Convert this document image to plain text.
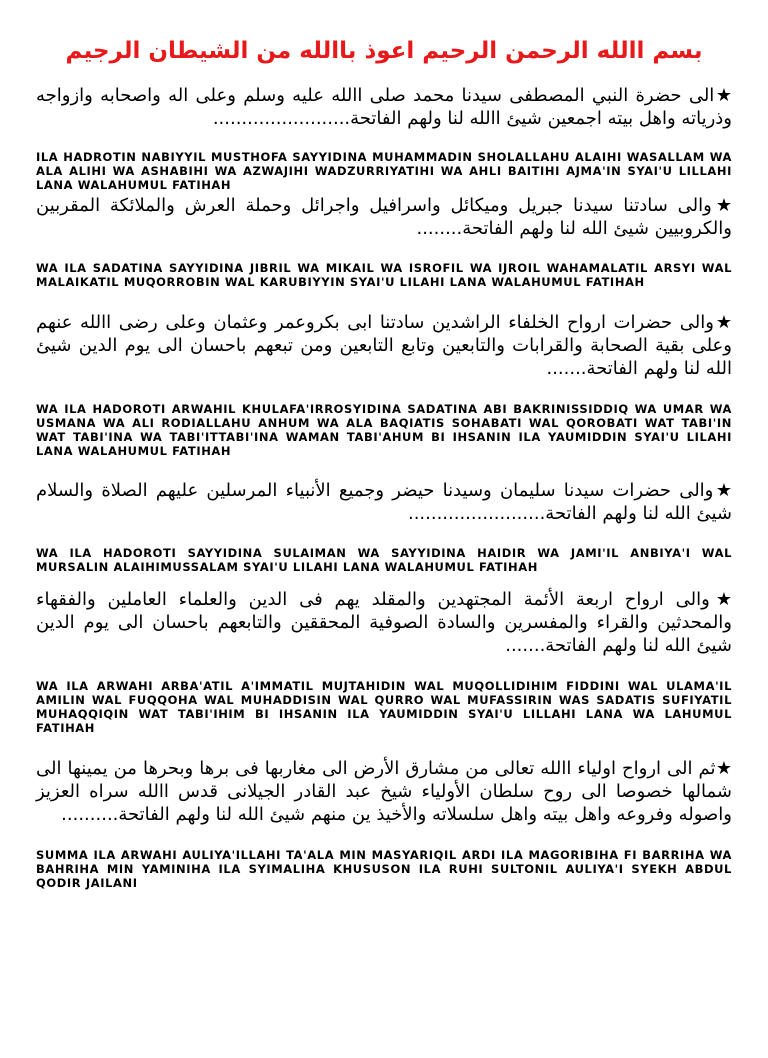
بسم االله الرحمن الرحيم اعوذ باالله من الشيطان الرجيم

★الى حضرة النبي المصطفى سيدنا محمد صلى االله عليه وسلم وعلى اله واصحابه وازواجه وذرياته واهل بيته اجمعين شيئ االله لنا ولهم الفاتحة........................

ILA HADROTIN NABIYYIL MUSTHOFA SAYYIDINA MUHAMMADIN SHOLALLAHU ALAIHI WASALLAM WA ALA ALIHI WA ASHABIHI WA AZWAJIHI WADZURRIYATIHI WA AHLI BAITIHI AJMA'IN SYAI'U LILLAHI LANA WALAHUMUL FATIHAH

★والى سادتنا سيدنا جبريل وميكائل واسرافيل واجرائل وحملة العرش والملائكة المقربين والكروبيين شيئ الله لنا ولهم الفاتحة........

WA ILA SADATINA SAYYIDINA JIBRIL WA MIKAIL WA ISROFIL WA IJROIL WAHAMALATIL ARSYI WAL MALAIKATIL MUQORROBIN WAL KARUBIYYIN SYAI'U LILAHI LANA WALAHUMUL FATIHAH

★والى حضرات ارواح الخلفاء الراشدين سادتنا ابى بكروعمر وعثمان وعلى رضى االله عنهم وعلى بقية الصحابة والقرابات والتابعين وتابع التابعين ومن تبعهم باحسان الى يوم الدين شيئ الله لنا ولهم الفاتحة.......

WA ILA HADOROTI ARWAHIL KHULAFA'IRROSYIDINA SADATINA ABI BAKRINISSIDDIQ WA UMAR WA USMANA WA ALI RODIALLAHU ANHUM WA ALA BAQIATIS SOHABATI WAL QOROBATI WAT TABI'IN WAT TABI'INA WA TABI'ITTABI'INA WAMAN TABI'AHUM BI IHSANIN ILA YAUMIDDIN SYAI'U LILAHI LANA WALAHUMUL FATIHAH

★والى حضرات سيدنا سليمان وسيدنا حيضر وجميع الأنبياء المرسلين عليهم الصلاة والسلام شيئ الله لنا ولهم الفاتحة........................

WA ILA HADOROTI SAYYIDINA SULAIMAN WA SAYYIDINA HAIDIR WA JAMI'IL ANBIYA'I WAL MURSALIN ALAIHIMUSSALAM SYAI'U LILAHI LANA WALAHUMUL FATIHAH

★والى ارواح اربعة الأئمة المجتهدين والمقلد يهم فى الدين والعلماء العاملين والفقهاء والمحدثين والقراء والمفسرين والسادة الصوفية المحققين والتابعهم باحسان الى يوم الدين شيئ الله لنا ولهم الفاتحة.......

WA ILA ARWAHI ARBA'ATIL A'IMMATIL MUJTAHIDIN WAL MUQOLLIDIHIM FIDDINI WAL ULAMA'IL AMILIN WAL FUQQOHA WAL MUHADDISIN WAL QURRO WAL MUFASSIRIN WAS SADATIS SUFIYATIL MUHAQQIQIN WAT TABI'IHIM BI IHSANIN ILA YAUMIDDIN SYAI'U LILLAHI LANA WA LAHUMUL FATIHAH

★ثم الى ارواح اولياء االله تعالى من مشارق الأرض الى مغاربها فى برها وبحرها من يمينها الى شمالها خصوصا الى روح سلطان الأولياء شيخ عبد القادر الجيلانى قدس االله سراه العزيز واصوله وفروعه واهل بيته واهل سلسلاته والأخيذ ين منهم شيئ الله لنا ولهم الفاتحة..........

SUMMA ILA ARWAHI AULIYA'ILLAHI TA'ALA MIN MASYARIQIL ARDI ILA MAGORIBIHA FI BARRIHA WA BAHRIHA MIN YAMINIHA ILA SYIMALIHA KHUSUSON ILA RUHI SULTONIL AULIYA'I SYEKH ABDUL QODIR JAILANI
